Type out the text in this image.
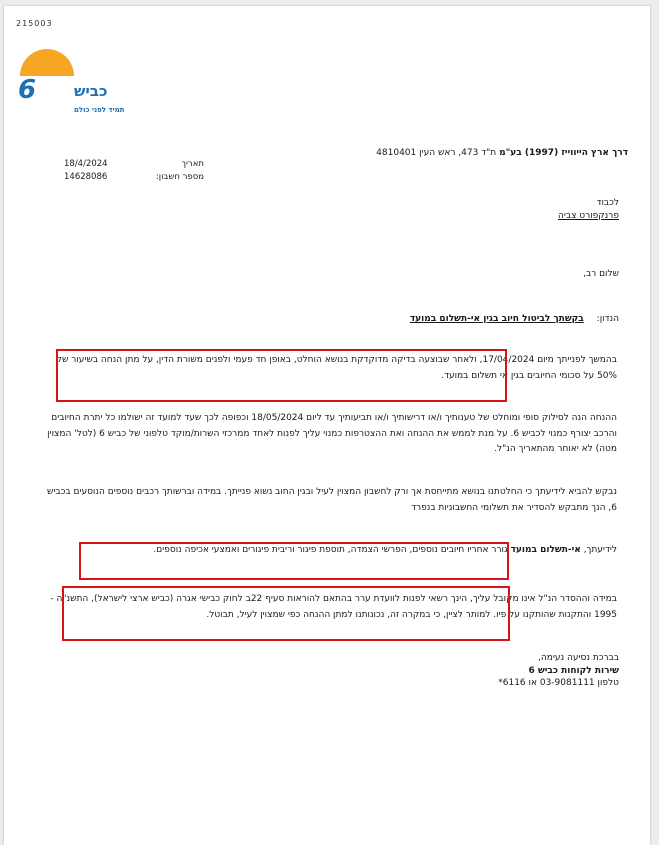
215003
6	כביש
תמיד לפני כולם
דרך ארץ הייווייז (1997) בע"מ ת"ד 473, ראש העין 4810401
תאריך
18/4/2024
מספר חשבון:
14628086
לכבוד
פרנקפורט צביה
שלום רב,
הנדון: בקשתך לביטול חיוב בגין אי-תשלום במועד
בהמשך לפנייתך מיום 17/04/2024, ולאחר שבוצעה בדיקה מדוקדקת בנושא הוחלט, באופן חד פעמי ולפנים משורת הדין, על מתן הנחה בשיעור של 50% על סכומי החיובים בגין אי תשלום במועד.
ההנחה הנה לסילוק סופי ומוחלט של טענותיך ו/או דרישותיך ו/או תביעותיך עד ליום 18/05/2024 וכפופה לכך שעד למועד זה ישולמו כל יתרת החיובים והרכב יצורף כמנוי לכביש 6. על מנת לממש את ההנחה ואת ההצטרפות כמנוי עליך לפנות לאחד ממרכזי השרות/מוקד טלפוני של כביש 6 (לטל' המצוין מטה) לא יאוחר מהתאריך הנ"ל.
נבקש להביא לידיעתך כי החלטתנו בנושא מתייחסת אך ורק לחשבון המצוין לעיל ובגין החוב נשוא פנייתך. במידה וברשותך רכבים נוספים הנוסעים בכביש 6, הנך מתבקש להסדיר את תשלומי החשבוניות בנפרד
לידיעתך, אי-תשלום במועד גורר אחריו חיובים נוספים, הפרשי הצמדה, תוספת פיגור וריבית פיגורים ואמצעי אכיפה נוספים.
במידה וההסדר הנ"ל אינו מקובל עליך, הינך רשאי לפנות לוועדת ערר בהתאם להוראות סעיף 22ב לחוק כבישי אגרה (כביש ארצי לישראל), התשנ"ה - 1995 והתקנות שהותקנו על פיו. למותר לציין, כי במקרה זה, נכונותנו למתן ההנחה כפי שמצוין לעיל, תבוטל.
בברכת נסיעה נעימה,
שירות לקוחות כביש 6
טלפון 03-9081111 או 6116*
